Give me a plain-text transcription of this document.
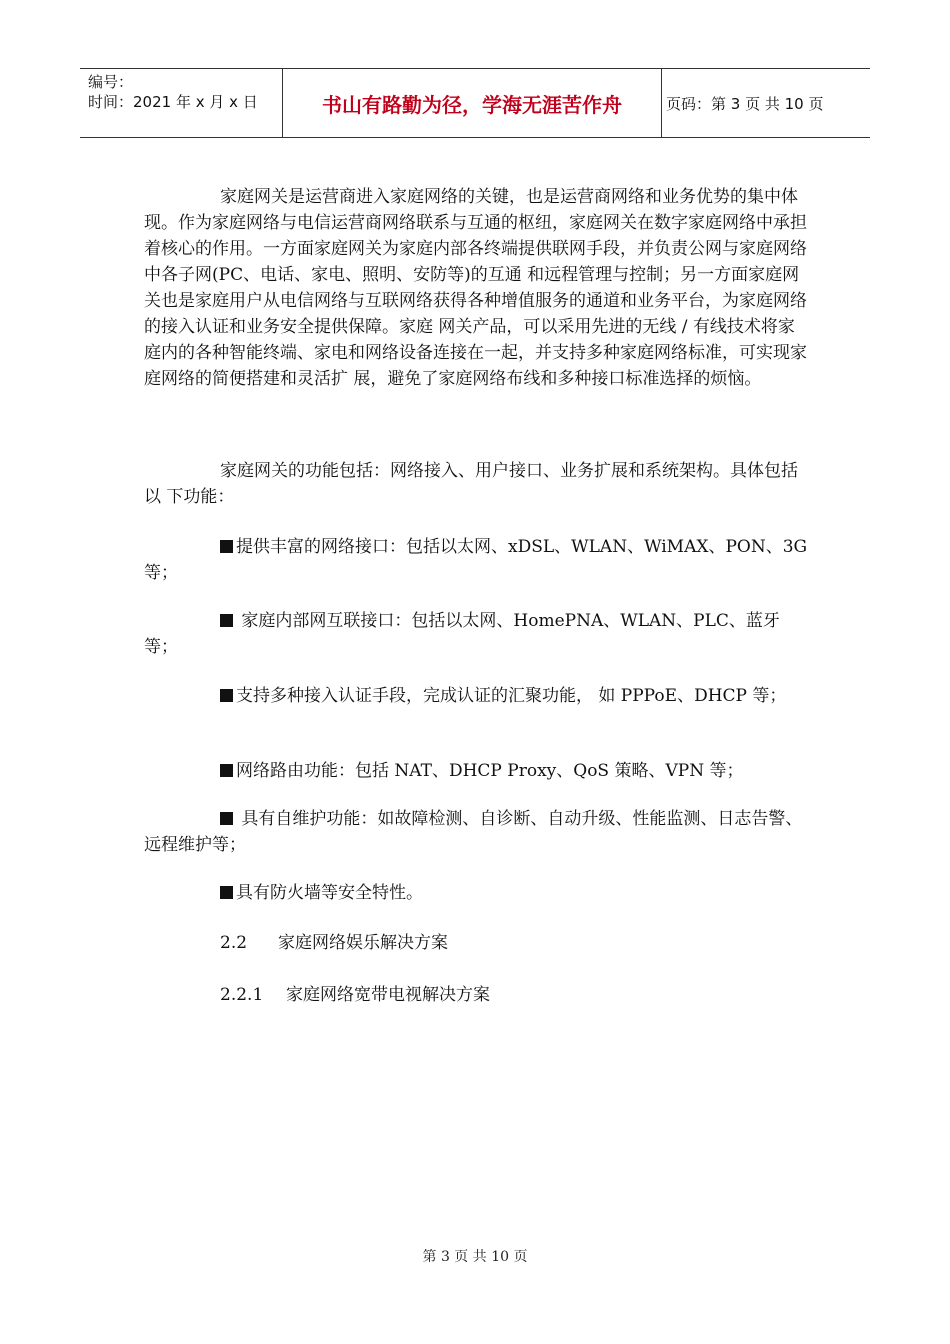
编号：
时间：2021 年 x 月 x 日	书山有路勤为径，学海无涯苦作舟	页码：第 3 页 共 10 页
家庭网关是运营商进入家庭网络的关键，也是运营商网络和业务优势的集中体现。作为家庭网络与电信运营商网络联系与互通的枢纽，家庭网关在数字家庭网络中承担着核心的作用。一方面家庭网关为家庭内部各终端提供联网手段，并负责公网与家庭网络中各子网(PC、电话、家电、照明、安防等)的互通 和远程管理与控制；另一方面家庭网关也是家庭用户从电信网络与互联网络获得各种增值服务的通道和业务平台，为家庭网络的接入认证和业务安全提供保障。家庭 网关产品，可以采用先进的无线 / 有线技术将家庭内的各种智能终端、家电和网络设备连接在一起，并支持多种家庭网络标准，可实现家庭网络的简便搭建和灵活扩 展，避免了家庭网络布线和多种接口标准选择的烦恼。
家庭网关的功能包括：网络接入、用户接口、业务扩展和系统架构。具体包括以 下功能：
提供丰富的网络接口：包括以太网、xDSL、WLAN、WiMAX、PON、3G等；
家庭内部网互联接口：包括以太网、HomePNA、WLAN、PLC、蓝牙等；
支持多种接入认证手段，完成认证的汇聚功能， 如 PPPoE、DHCP 等；
网络路由功能：包括 NAT、DHCP Proxy、QoS 策略、VPN 等；
具有自维护功能：如故障检测、自诊断、自动升级、性能监测、日志告警、远程维护等；
具有防火墙等安全特性。
2.2 家庭网络娱乐解决方案
2.2.1 家庭网络宽带电视解决方案
第 3 页 共 10 页
